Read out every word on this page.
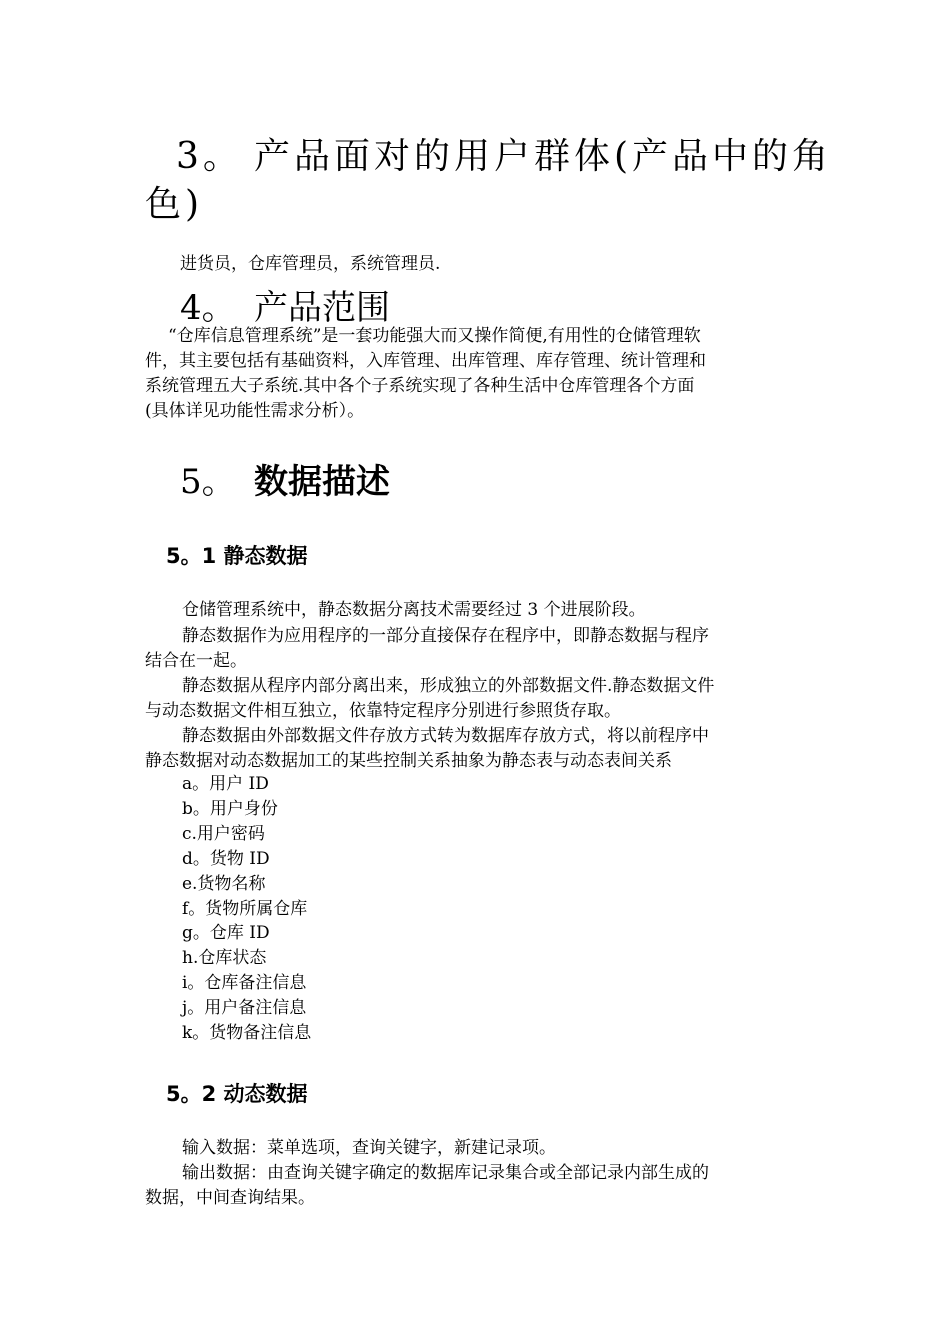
3。 产品面对的用户群体(产品中的角
色)
进货员，仓库管理员，系统管理员.
4。 产品范围
“仓库信息管理系统”是一套功能强大而又操作简便,有用性的仓储管理软
件，其主要包括有基础资料，入库管理、出库管理、库存管理、统计管理和
系统管理五大子系统.其中各个子系统实现了各种生活中仓库管理各个方面
(具体详见功能性需求分析）。
5。 数据描述
5。1 静态数据
仓储管理系统中，静态数据分离技术需要经过 3 个进展阶段。
静态数据作为应用程序的一部分直接保存在程序中，即静态数据与程序
结合在一起。
静态数据从程序内部分离出来，形成独立的外部数据文件.静态数据文件
与动态数据文件相互独立，依靠特定程序分别进行参照货存取。
静态数据由外部数据文件存放方式转为数据库存放方式，将以前程序中
静态数据对动态数据加工的某些控制关系抽象为静态表与动态表间关系
a。用户 ID
b。用户身份
c.用户密码
d。货物 ID
e.货物名称
f。货物所属仓库
g。仓库 ID
h.仓库状态
i。仓库备注信息
j。用户备注信息
k。货物备注信息
5。2 动态数据
输入数据：菜单选项，查询关键字，新建记录项。
输出数据：由查询关键字确定的数据库记录集合或全部记录内部生成的
数据，中间查询结果。
